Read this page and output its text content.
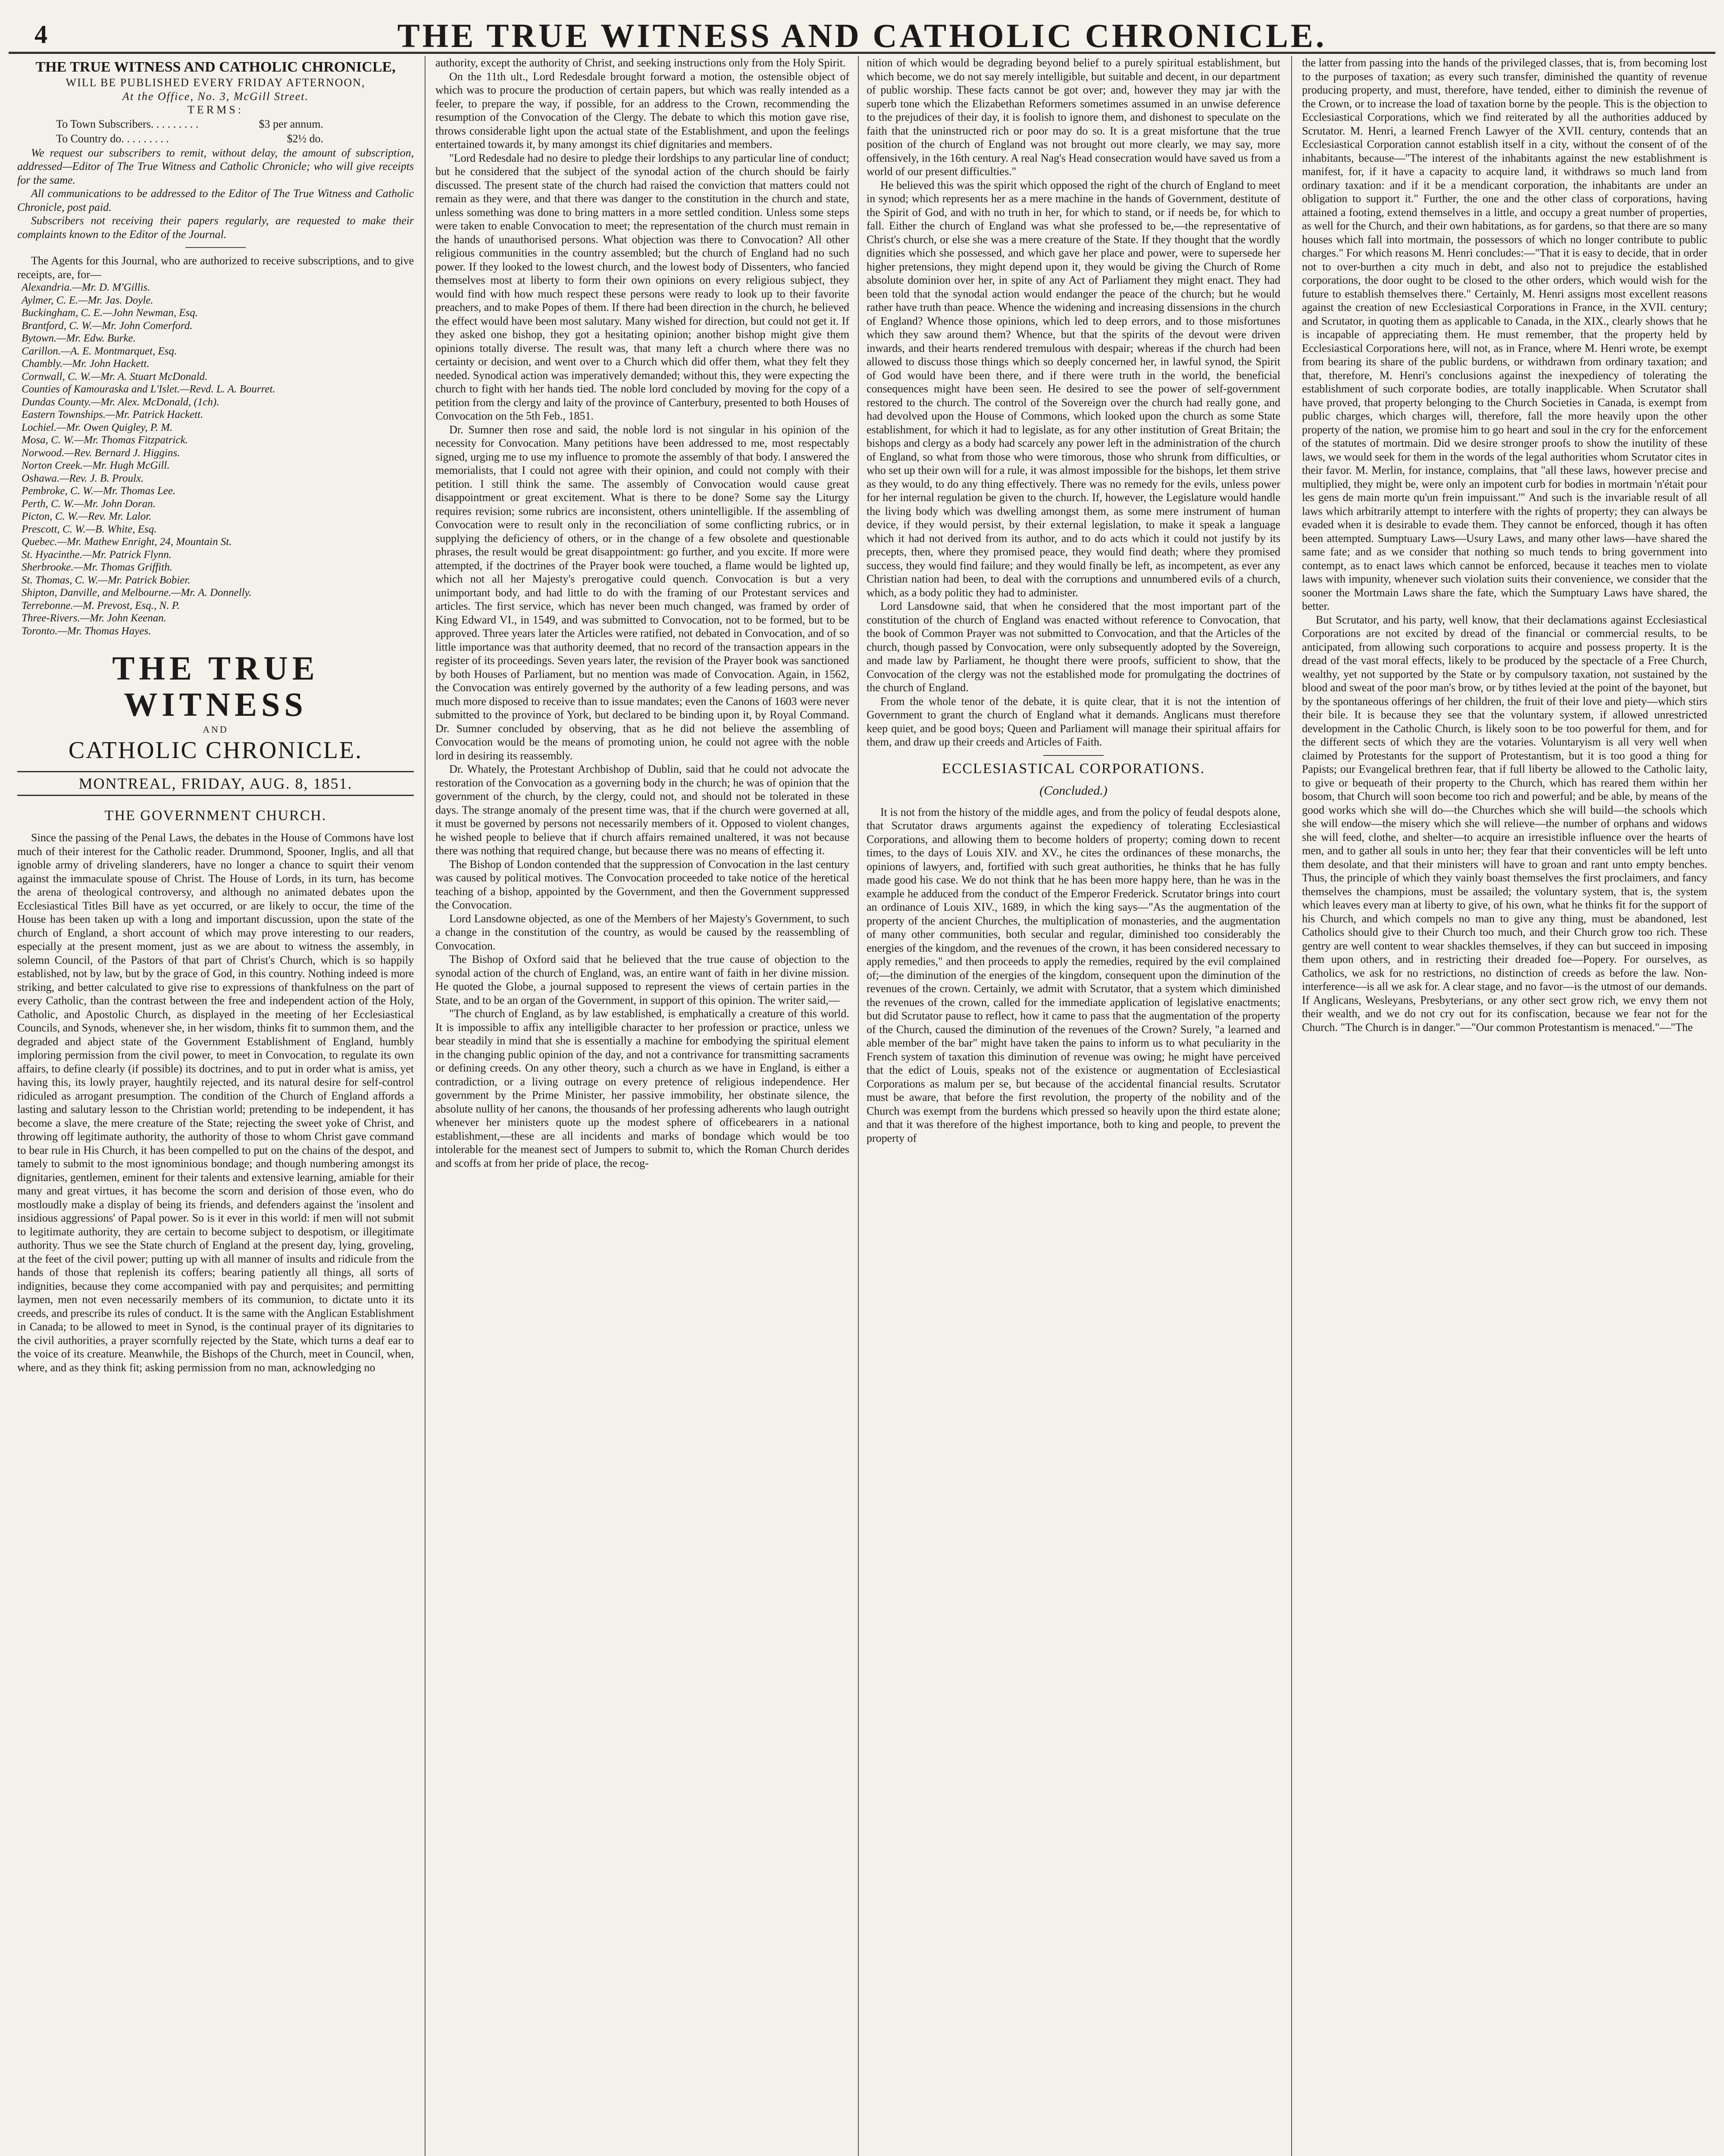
4	THE TRUE WITNESS AND CATHOLIC CHRONICLE.
THE TRUE WITNESS AND CATHOLIC CHRONICLE,
WILL BE PUBLISHED EVERY FRIDAY AFTERNOON,
At the Office, No. 3, McGill Street.
TERMS:
To Town Subscribers. . . . . . . . .	$3 per annum.
To Country do. . . . . . . . .	$2½ do.

We request our subscribers to remit, without delay, the amount of subscription, addressed—Editor of The True Witness and Catholic Chronicle; who will give receipts for the same.

All communications to be addressed to the Editor of The True Witness and Catholic Chronicle, post paid.

Subscribers not receiving their papers regularly, are requested to make their complaints known to the Editor of the Journal.

The Agents for this Journal, who are authorized to receive subscriptions, and to give receipts, are, for—

Alexandria.—Mr. D. M'Gillis.
Aylmer, C. E.—Mr. Jas. Doyle.
Buckingham, C. E.—John Newman, Esq.
Brantford, C. W.—Mr. John Comerford.
Bytown.—Mr. Edw. Burke.
Carillon.—A. E. Montmarquet, Esq.
Chambly.—Mr. John Hackett.
Cornwall, C. W.—Mr. A. Stuart McDonald.
Counties of Kamouraska and L'Islet.—Revd. L. A. Bourret.
Dundas County.—Mr. Alex. McDonald, (1ch).
Eastern Townships.—Mr. Patrick Hackett.
Lochiel.—Mr. Owen Quigley, P. M.
Mosa, C. W.—Mr. Thomas Fitzpatrick.
Norwood.—Rev. Bernard J. Higgins.
Norton Creek.—Mr. Hugh McGill.
Oshawa.—Rev. J. B. Proulx.
Pembroke, C. W.—Mr. Thomas Lee.
Perth, C. W.—Mr. John Doran.
Picton, C. W.—Rev. Mr. Lalor.
Prescott, C. W.—B. White, Esq.
Quebec.—Mr. Mathew Enright, 24, Mountain St.
St. Hyacinthe.—Mr. Patrick Flynn.
Sherbrooke.—Mr. Thomas Griffith.
St. Thomas, C. W.—Mr. Patrick Bobier.
Shipton, Danville, and Melbourne.—Mr. A. Donnelly.
Terrebonne.—M. Prevost, Esq., N. P.
Three-Rivers.—Mr. John Keenan.
Toronto.—Mr. Thomas Hayes.
THE TRUE WITNESS
AND
CATHOLIC CHRONICLE.
MONTREAL, FRIDAY, AUG. 8, 1851.
THE GOVERNMENT CHURCH.

Since the passing of the Penal Laws, the debates in the House of Commons have lost much of their interest for the Catholic reader. Drummond, Spooner, Inglis, and all that ignoble army of driveling slanderers, have no longer a chance to squirt their venom against the immaculate spouse of Christ. The House of Lords, in its turn, has become the arena of theological controversy, and although no animated debates upon the Ecclesiastical Titles Bill have as yet occurred, or are likely to occur, the time of the House has been taken up with a long and important discussion, upon the state of the church of England, a short account of which may prove interesting to our readers, especially at the present moment, just as we are about to witness the assembly, in solemn Council, of the Pastors of that part of Christ's Church, which is so happily established, not by law, but by the grace of God, in this country. Nothing indeed is more striking, and better calculated to give rise to expressions of thankfulness on the part of every Catholic, than the contrast between the free and independent action of the Holy, Catholic, and Apostolic Church, as displayed in the meeting of her Ecclesiastical Councils, and Synods, whenever she, in her wisdom, thinks fit to summon them, and the degraded and abject state of the Government Establishment of England, humbly imploring permission from the civil power, to meet in Convocation, to regulate its own affairs, to define clearly (if possible) its doctrines, and to put in order what is amiss, yet having this, its lowly prayer, haughtily rejected, and its natural desire for self-control ridiculed as arrogant presumption. The condition of the Church of England affords a lasting and salutary lesson to the Christian world; pretending to be independent, it has become a slave, the mere creature of the State; rejecting the sweet yoke of Christ, and throwing off legitimate authority, the authority of those to whom Christ gave command to bear rule in His Church, it has been compelled to put on the chains of the despot, and tamely to submit to the most ignominious bondage; and though numbering amongst its dignitaries, gentlemen, eminent for their talents and extensive learning, amiable for their many and great virtues, it has become the scorn and derision of those even, who do mostloudly make a display of being its friends, and defenders against the 'insolent and insidious aggressions' of Papal power. So is it ever in this world: if men will not submit to legitimate authority, they are certain to become subject to despotism, or illegitimate authority. Thus we see the State church of England at the present day, lying, groveling, at the feet of the civil power; putting up with all manner of insults and ridicule from the hands of those that replenish its coffers; bearing patiently all things, all sorts of indignities, because they come accompanied with pay and perquisites; and permitting laymen, men not even necessarily members of its communion, to dictate unto it its creeds, and prescribe its rules of conduct. It is the same with the Anglican Establishment in Canada; to be allowed to meet in Synod, is the continual prayer of its dignitaries to the civil authorities, a prayer scornfully rejected by the State, which turns a deaf ear to the voice of its creature. Meanwhile, the Bishops of the Church, meet in Council, when, where, and as they think fit; asking permission from no man, acknowledging no

authority, except the authority of Christ, and seeking instructions only from the Holy Spirit.

On the 11th ult., Lord Redesdale brought forward a motion, the ostensible object of which was to procure the production of certain papers, but which was really intended as a feeler, to prepare the way, if possible, for an address to the Crown, recommending the resumption of the Convocation of the Clergy. The debate to which this motion gave rise, throws considerable light upon the actual state of the Establishment, and upon the feelings entertained towards it, by many amongst its chief dignitaries and members.

"Lord Redesdale had no desire to pledge their lordships to any particular line of conduct; but he considered that the subject of the synodal action of the church should be fairly discussed. The present state of the church had raised the conviction that matters could not remain as they were, and that there was danger to the constitution in the church and state, unless something was done to bring matters in a more settled condition. Unless some steps were taken to enable Convocation to meet; the representation of the church must remain in the hands of unauthorised persons. What objection was there to Convocation? All other religious communities in the country assembled; but the church of England had no such power. If they looked to the lowest church, and the lowest body of Dissenters, who fancied themselves most at liberty to form their own opinions on every religious subject, they would find with how much respect these persons were ready to look up to their favorite preachers, and to make Popes of them. If there had been direction in the church, he believed the effect would have been most salutary. Many wished for direction, but could not get it. If they asked one bishop, they got a hesitating opinion; another bishop might give them opinions totally diverse. The result was, that many left a church where there was no certainty or decision, and went over to a Church which did offer them, what they felt they needed. Synodical action was imperatively demanded; without this, they were expecting the church to fight with her hands tied. The noble lord concluded by moving for the copy of a petition from the clergy and laity of the province of Canterbury, presented to both Houses of Convocation on the 5th Feb., 1851.

Dr. Sumner then rose and said, the noble lord is not singular in his opinion of the necessity for Convocation. Many petitions have been addressed to me, most respectably signed, urging me to use my influence to promote the assembly of that body. I answered the memorialists, that I could not agree with their opinion, and could not comply with their petition. I still think the same. The assembly of Convocation would cause great disappointment or great excitement. What is there to be done? Some say the Liturgy requires revision; some rubrics are inconsistent, others unintelligible. If the assembling of Convocation were to result only in the reconciliation of some conflicting rubrics, or in supplying the deficiency of others, or in the change of a few obsolete and questionable phrases, the result would be great disappointment: go further, and you excite. If more were attempted, if the doctrines of the Prayer book were touched, a flame would be lighted up, which not all her Majesty's prerogative could quench. Convocation is but a very unimportant body, and had little to do with the framing of our Protestant services and articles. The first service, which has never been much changed, was framed by order of King Edward VI., in 1549, and was submitted to Convocation, not to be formed, but to be approved. Three years later the Articles were ratified, not debated in Convocation, and of so little importance was that authority deemed, that no record of the transaction appears in the register of its proceedings. Seven years later, the revision of the Prayer book was sanctioned by both Houses of Parliament, but no mention was made of Convocation. Again, in 1562, the Convocation was entirely governed by the authority of a few leading persons, and was much more disposed to receive than to issue mandates; even the Canons of 1603 were never submitted to the province of York, but declared to be binding upon it, by Royal Command. Dr. Sumner concluded by observing, that as he did not believe the assembling of Convocation would be the means of promoting union, he could not agree with the noble lord in desiring its reassembly.

Dr. Whately, the Protestant Archbishop of Dublin, said that he could not advocate the restoration of the Convocation as a governing body in the church; he was of opinion that the government of the church, by the clergy, could not, and should not be tolerated in these days. The strange anomaly of the present time was, that if the church were governed at all, it must be governed by persons not necessarily members of it. Opposed to violent changes, he wished people to believe that if church affairs remained unaltered, it was not because there was nothing that required change, but because there was no means of effecting it.

The Bishop of London contended that the suppression of Convocation in the last century was caused by political motives. The Convocation proceeded to take notice of the heretical teaching of a bishop, appointed by the Government, and then the Government suppressed the Convocation.

Lord Lansdowne objected, as one of the Members of her Majesty's Government, to such a change in the constitution of the country, as would be caused by the reassembling of Convocation.

The Bishop of Oxford said that he believed that the true cause of objection to the synodal action of the church of England, was, an entire want of faith in her divine mission. He quoted the Globe, a journal supposed to represent the views of certain parties in the State, and to be an organ of the Government, in support of this opinion. The writer said,—

"The church of England, as by law established, is emphatically a creature of this world. It is impossible to affix any intelligible character to her profession or practice, unless we bear steadily in mind that she is essentially a machine for embodying the spiritual element in the changing public opinion of the day, and not a contrivance for transmitting sacraments or defining creeds. On any other theory, such a church as we have in England, is either a contradiction, or a living outrage on every pretence of religious independence. Her government by the Prime Minister, her passive immobility, her obstinate silence, the absolute nullity of her canons, the thousands of her professing adherents who laugh outright whenever her ministers quote up the modest sphere of officebearers in a national establishment,—these are all incidents and marks of bondage which would be too intolerable for the meanest sect of Jumpers to submit to, which the Roman Church derides and scoffs at from her pride of place, the recog-

nition of which would be degrading beyond belief to a purely spiritual establishment, but which become, we do not say merely intelligible, but suitable and decent, in our department of public worship. These facts cannot be got over; and, however they may jar with the superb tone which the Elizabethan Reformers sometimes assumed in an unwise deference to the prejudices of their day, it is foolish to ignore them, and dishonest to speculate on the faith that the uninstructed rich or poor may do so. It is a great misfortune that the true position of the church of England was not brought out more clearly, we may say, more offensively, in the 16th century. A real Nag's Head consecration would have saved us from a world of our present difficulties."

He believed this was the spirit which opposed the right of the church of England to meet in synod; which represents her as a mere machine in the hands of Government, destitute of the Spirit of God, and with no truth in her, for which to stand, or if needs be, for which to fall. Either the church of England was what she professed to be,—the representative of Christ's church, or else she was a mere creature of the State. If they thought that the wordly dignities which she possessed, and which gave her place and power, were to supersede her higher pretensions, they might depend upon it, they would be giving the Church of Rome absolute dominion over her, in spite of any Act of Parliament they might enact. They had been told that the synodal action would endanger the peace of the church; but he would rather have truth than peace. Whence the widening and increasing dissensions in the church of England? Whence those opinions, which led to deep errors, and to those misfortunes which they saw around them? Whence, but that the spirits of the devout were driven inwards, and their hearts rendered tremulous with despair; whereas if the church had been allowed to discuss those things which so deeply concerned her, in lawful synod, the Spirit of God would have been there, and if there were truth in the world, the beneficial consequences might have been seen. He desired to see the power of self-government restored to the church. The control of the Sovereign over the church had really gone, and had devolved upon the House of Commons, which looked upon the church as some State establishment, for which it had to legislate, as for any other institution of Great Britain; the bishops and clergy as a body had scarcely any power left in the administration of the church of England, so what from those who were timorous, those who shrunk from difficulties, or who set up their own will for a rule, it was almost impossible for the bishops, let them strive as they would, to do any thing effectively. There was no remedy for the evils, unless power for her internal regulation be given to the church. If, however, the Legislature would handle the living body which was dwelling amongst them, as some mere instrument of human device, if they would persist, by their external legislation, to make it speak a language which it had not derived from its author, and to do acts which it could not justify by its precepts, then, where they promised peace, they would find death; where they promised success, they would find failure; and they would finally be left, as incompetent, as ever any Christian nation had been, to deal with the corruptions and unnumbered evils of a church, which, as a body politic they had to administer.

Lord Lansdowne said, that when he considered that the most important part of the constitution of the church of England was enacted without reference to Convocation, that the book of Common Prayer was not submitted to Convocation, and that the Articles of the church, though passed by Convocation, were only subsequently adopted by the Sovereign, and made law by Parliament, he thought there were proofs, sufficient to show, that the Convocation of the clergy was not the established mode for promulgating the doctrines of the church of England.

From the whole tenor of the debate, it is quite clear, that it is not the intention of Government to grant the church of England what it demands. Anglicans must therefore keep quiet, and be good boys; Queen and Parliament will manage their spiritual affairs for them, and draw up their creeds and Articles of Faith.

ECCLESIASTICAL CORPORATIONS.
(Concluded.)

It is not from the history of the middle ages, and from the policy of feudal despots alone, that Scrutator draws arguments against the expediency of tolerating Ecclesiastical Corporations, and allowing them to become holders of property; coming down to recent times, to the days of Louis XIV. and XV., he cites the ordinances of these monarchs, the opinions of lawyers, and, fortified with such great authorities, he thinks that he has fully made good his case. We do not think that he has been more happy here, than he was in the example he adduced from the conduct of the Emperor Frederick. Scrutator brings into court an ordinance of Louis XIV., 1689, in which the king says—"As the augmentation of the property of the ancient Churches, the multiplication of monasteries, and the augmentation of many other communities, both secular and regular, diminished too considerably the energies of the kingdom, and the revenues of the crown, it has been considered necessary to apply remedies," and then proceeds to apply the remedies, required by the evil complained of;—the diminution of the energies of the kingdom, consequent upon the diminution of the revenues of the crown. Certainly, we admit with Scrutator, that a system which diminished the revenues of the crown, called for the immediate application of legislative enactments; but did Scrutator pause to reflect, how it came to pass that the augmentation of the property of the Church, caused the diminution of the revenues of the Crown? Surely, "a learned and able member of the bar" might have taken the pains to inform us to what peculiarity in the French system of taxation this diminution of revenue was owing; he might have perceived that the edict of Louis, speaks not of the existence or augmentation of Ecclesiastical Corporations as malum per se, but because of the accidental financial results. Scrutator must be aware, that before the first revolution, the property of the nobility and of the Church was exempt from the burdens which pressed so heavily upon the third estate alone; and that it was therefore of the highest importance, both to king and people, to prevent the property of

the latter from passing into the hands of the privileged classes, that is, from becoming lost to the purposes of taxation; as every such transfer, diminished the quantity of revenue producing property, and must, therefore, have tended, either to diminish the revenue of the Crown, or to increase the load of taxation borne by the people. This is the objection to Ecclesiastical Corporations, which we find reiterated by all the authorities adduced by Scrutator. M. Henri, a learned French Lawyer of the XVII. century, contends that an Ecclesiastical Corporation cannot establish itself in a city, without the consent of of the inhabitants, because—"The interest of the inhabitants against the new establishment is manifest, for, if it have a capacity to acquire land, it withdraws so much land from ordinary taxation: and if it be a mendicant corporation, the inhabitants are under an obligation to support it." Further, the one and the other class of corporations, having attained a footing, extend themselves in a little, and occupy a great number of properties, as well for the Church, and their own habitations, as for gardens, so that there are so many houses which fall into mortmain, the possessors of which no longer contribute to public charges." For which reasons M. Henri concludes:—"That it is easy to decide, that in order not to over-burthen a city much in debt, and also not to prejudice the established corporations, the door ought to be closed to the other orders, which would wish for the future to establish themselves there." Certainly, M. Henri assigns most excellent reasons against the creation of new Ecclesiastical Corporations in France, in the XVII. century; and Scrutator, in quoting them as applicable to Canada, in the XIX., clearly shows that he is incapable of appreciating them. He must remember, that the property held by Ecclesiastical Corporations here, will not, as in France, where M. Henri wrote, be exempt from bearing its share of the public burdens, or withdrawn from ordinary taxation; and that, therefore, M. Henri's conclusions against the inexpediency of tolerating the establishment of such corporate bodies, are totally inapplicable. When Scrutator shall have proved, that property belonging to the Church Societies in Canada, is exempt from public charges, which charges will, therefore, fall the more heavily upon the other property of the nation, we promise him to go heart and soul in the cry for the enforcement of the statutes of mortmain. Did we desire stronger proofs to show the inutility of these laws, we would seek for them in the words of the legal authorities whom Scrutator cites in their favor. M. Merlin, for instance, complains, that "all these laws, however precise and multiplied, they might be, were only an impotent curb for bodies in mortmain 'n'était pour les gens de main morte qu'un frein impuissant.'" And such is the invariable result of all laws which arbitrarily attempt to interfere with the rights of property; they can always be evaded when it is desirable to evade them. They cannot be enforced, though it has often been attempted. Sumptuary Laws—Usury Laws, and many other laws—have shared the same fate; and as we consider that nothing so much tends to bring government into contempt, as to enact laws which cannot be enforced, because it teaches men to violate laws with impunity, whenever such violation suits their convenience, we consider that the sooner the Mortmain Laws share the fate, which the Sumptuary Laws have shared, the better.

But Scrutator, and his party, well know, that their declamations against Ecclesiastical Corporations are not excited by dread of the financial or commercial results, to be anticipated, from allowing such corporations to acquire and possess property. It is the dread of the vast moral effects, likely to be produced by the spectacle of a Free Church, wealthy, yet not supported by the State or by compulsory taxation, not sustained by the blood and sweat of the poor man's brow, or by tithes levied at the point of the bayonet, but by the spontaneous offerings of her children, the fruit of their love and piety—which stirs their bile. It is because they see that the voluntary system, if allowed unrestricted development in the Catholic Church, is likely soon to be too powerful for them, and for the different sects of which they are the votaries. Voluntaryism is all very well when claimed by Protestants for the support of Protestantism, but it is too good a thing for Papists; our Evangelical brethren fear, that if full liberty be allowed to the Catholic laity, to give or bequeath of their property to the Church, which has reared them within her bosom, that Church will soon become too rich and powerful; and be able, by means of the good works which she will do—the Churches which she will build—the schools which she will endow—the misery which she will relieve—the number of orphans and widows she will feed, clothe, and shelter—to acquire an irresistible influence over the hearts of men, and to gather all souls in unto her; they fear that their conventicles will be left unto them desolate, and that their ministers will have to groan and rant unto empty benches. Thus, the principle of which they vainly boast themselves the first proclaimers, and fancy themselves the champions, must be assailed; the voluntary system, that is, the system which leaves every man at liberty to give, of his own, what he thinks fit for the support of his Church, and which compels no man to give any thing, must be abandoned, lest Catholics should give to their Church too much, and their Church grow too rich. These gentry are well content to wear shackles themselves, if they can but succeed in imposing them upon others, and in restricting their dreaded foe—Popery. For ourselves, as Catholics, we ask for no restrictions, no distinction of creeds as before the law. Non-interference—is all we ask for. A clear stage, and no favor—is the utmost of our demands. If Anglicans, Wesleyans, Presbyterians, or any other sect grow rich, we envy them not their wealth, and we do not cry out for its confiscation, because we fear not for the Church. "The Church is in danger."—"Our common Protestantism is menaced."—"The
